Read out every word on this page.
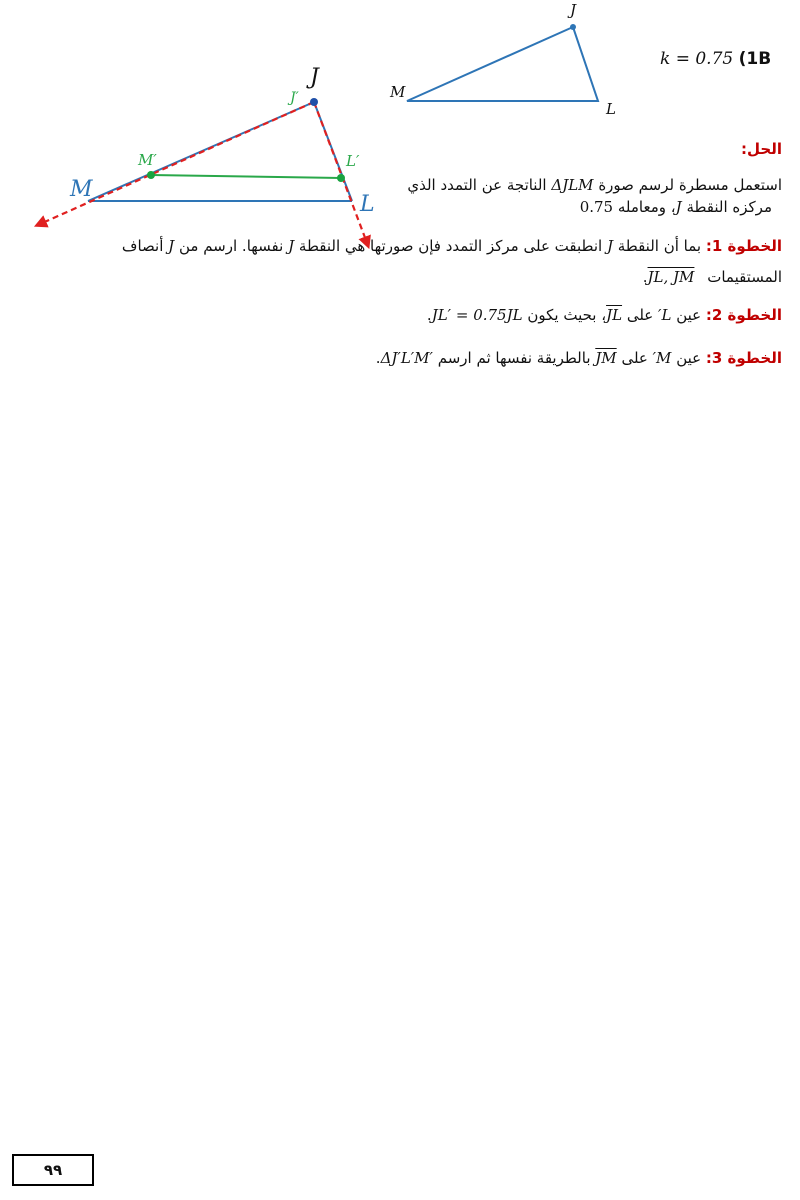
J
M
L
k = 0.75 (1B
J
J′
M
M′
L
L′
الحل:
استعمل مسطرة لرسم صورة ΔJLM الناتجة عن التمدد الذي
مركزه النقطة J، ومعامله 0.75
الخطوة 1: بما أن النقطة J انطبقت على مركز التمدد فإن صورتها هي النقطة J نفسها. ارسم من J أنصاف
المستقيمات JL, JM.
الخطوة 2: عين L′ على JL، بحيث يكون JL′ = 0.75JL.
الخطوة 3: عين M′ على JM بالطريقة نفسها ثم ارسم ΔJ′L′M′.
٩٩
